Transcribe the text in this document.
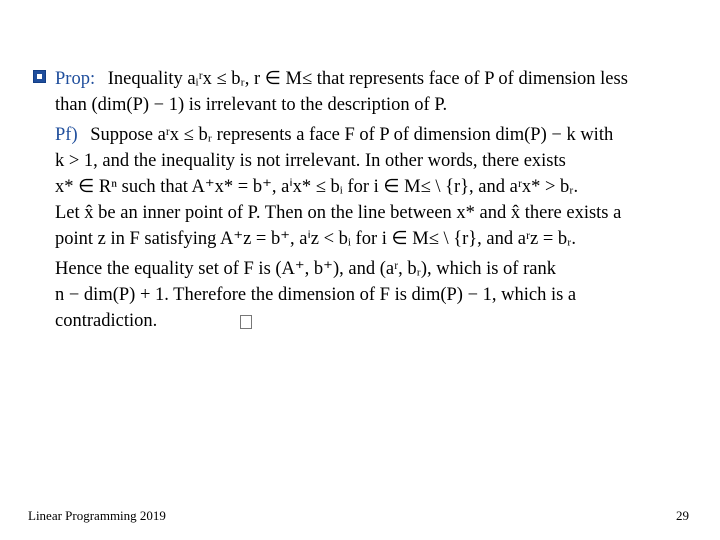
Prop: Inequality aᵢʳx ≤ bᵣ, r ∈ M≤ that represents face of P of dimension less
than (dim(P) − 1) is irrelevant to the description of P.
Pf) Suppose aʳx ≤ bᵣ represents a face F of P of dimension dim(P) − k with
k > 1, and the inequality is not irrelevant. In other words, there exists
x* ∈ Rⁿ such that A⁺x* = b⁺, aⁱx* ≤ bᵢ for i ∈ M≤ \ {r}, and aʳx* > bᵣ.
Let x̂ be an inner point of P. Then on the line between x* and x̂ there exists a
point z in F satisfying A⁺z = b⁺, aⁱz < bᵢ for i ∈ M≤ \ {r}, and aʳz = bᵣ.
Hence the equality set of F is (A⁺, b⁺), and (aʳ, bᵣ), which is of rank
n − dim(P) + 1. Therefore the dimension of F is dim(P) − 1, which is a
contradiction.
Linear Programming 2019	29
